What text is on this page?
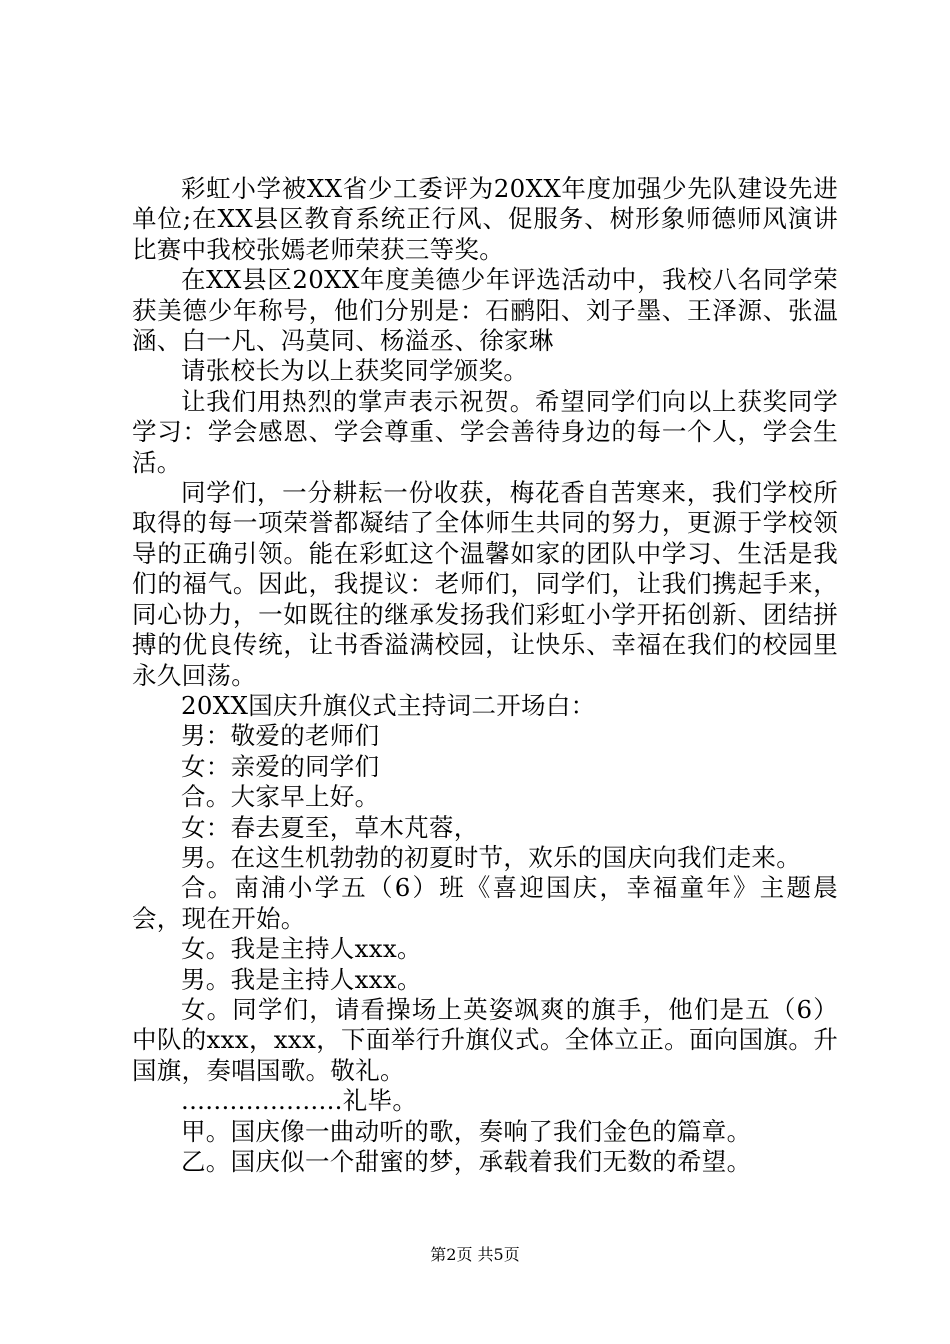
彩虹小学被XX省少工委评为20XX年度加强少先队建设先进单位;在XX县区教育系统正行风、促服务、树形象师德师风演讲比赛中我校张嫣老师荣获三等奖。

在XX县区20XX年度美德少年评选活动中，我校八名同学荣获美德少年称号，他们分别是：石鹂阳、刘子墨、王泽源、张温涵、白一凡、冯莫同、杨溢丞、徐家琳

请张校长为以上获奖同学颁奖。

让我们用热烈的掌声表示祝贺。希望同学们向以上获奖同学学习：学会感恩、学会尊重、学会善待身边的每一个人，学会生活。

同学们，一分耕耘一份收获，梅花香自苦寒来，我们学校所取得的每一项荣誉都凝结了全体师生共同的努力，更源于学校领导的正确引领。能在彩虹这个温馨如家的团队中学习、生活是我们的福气。因此，我提议：老师们，同学们，让我们携起手来，同心协力，一如既往的继承发扬我们彩虹小学开拓创新、团结拼搏的优良传统，让书香溢满校园，让快乐、幸福在我们的校园里永久回荡。

20XX国庆升旗仪式主持词二开场白：

男：敬爱的老师们

女：亲爱的同学们

合。大家早上好。

女：春去夏至，草木芃蓉，

男。在这生机勃勃的初夏时节，欢乐的国庆向我们走来。

合。南浦小学五（6）班《喜迎国庆，幸福童年》主题晨会，现在开始。

女。我是主持人xxx。

男。我是主持人xxx。

女。同学们，请看操场上英姿飒爽的旗手，他们是五（6）中队的xxx，xxx，下面举行升旗仪式。全体立正。面向国旗。升国旗，奏唱国歌。敬礼。

....................礼毕。

甲。国庆像一曲动听的歌，奏响了我们金色的篇章。

乙。国庆似一个甜蜜的梦，承载着我们无数的希望。

第2页 共5页
